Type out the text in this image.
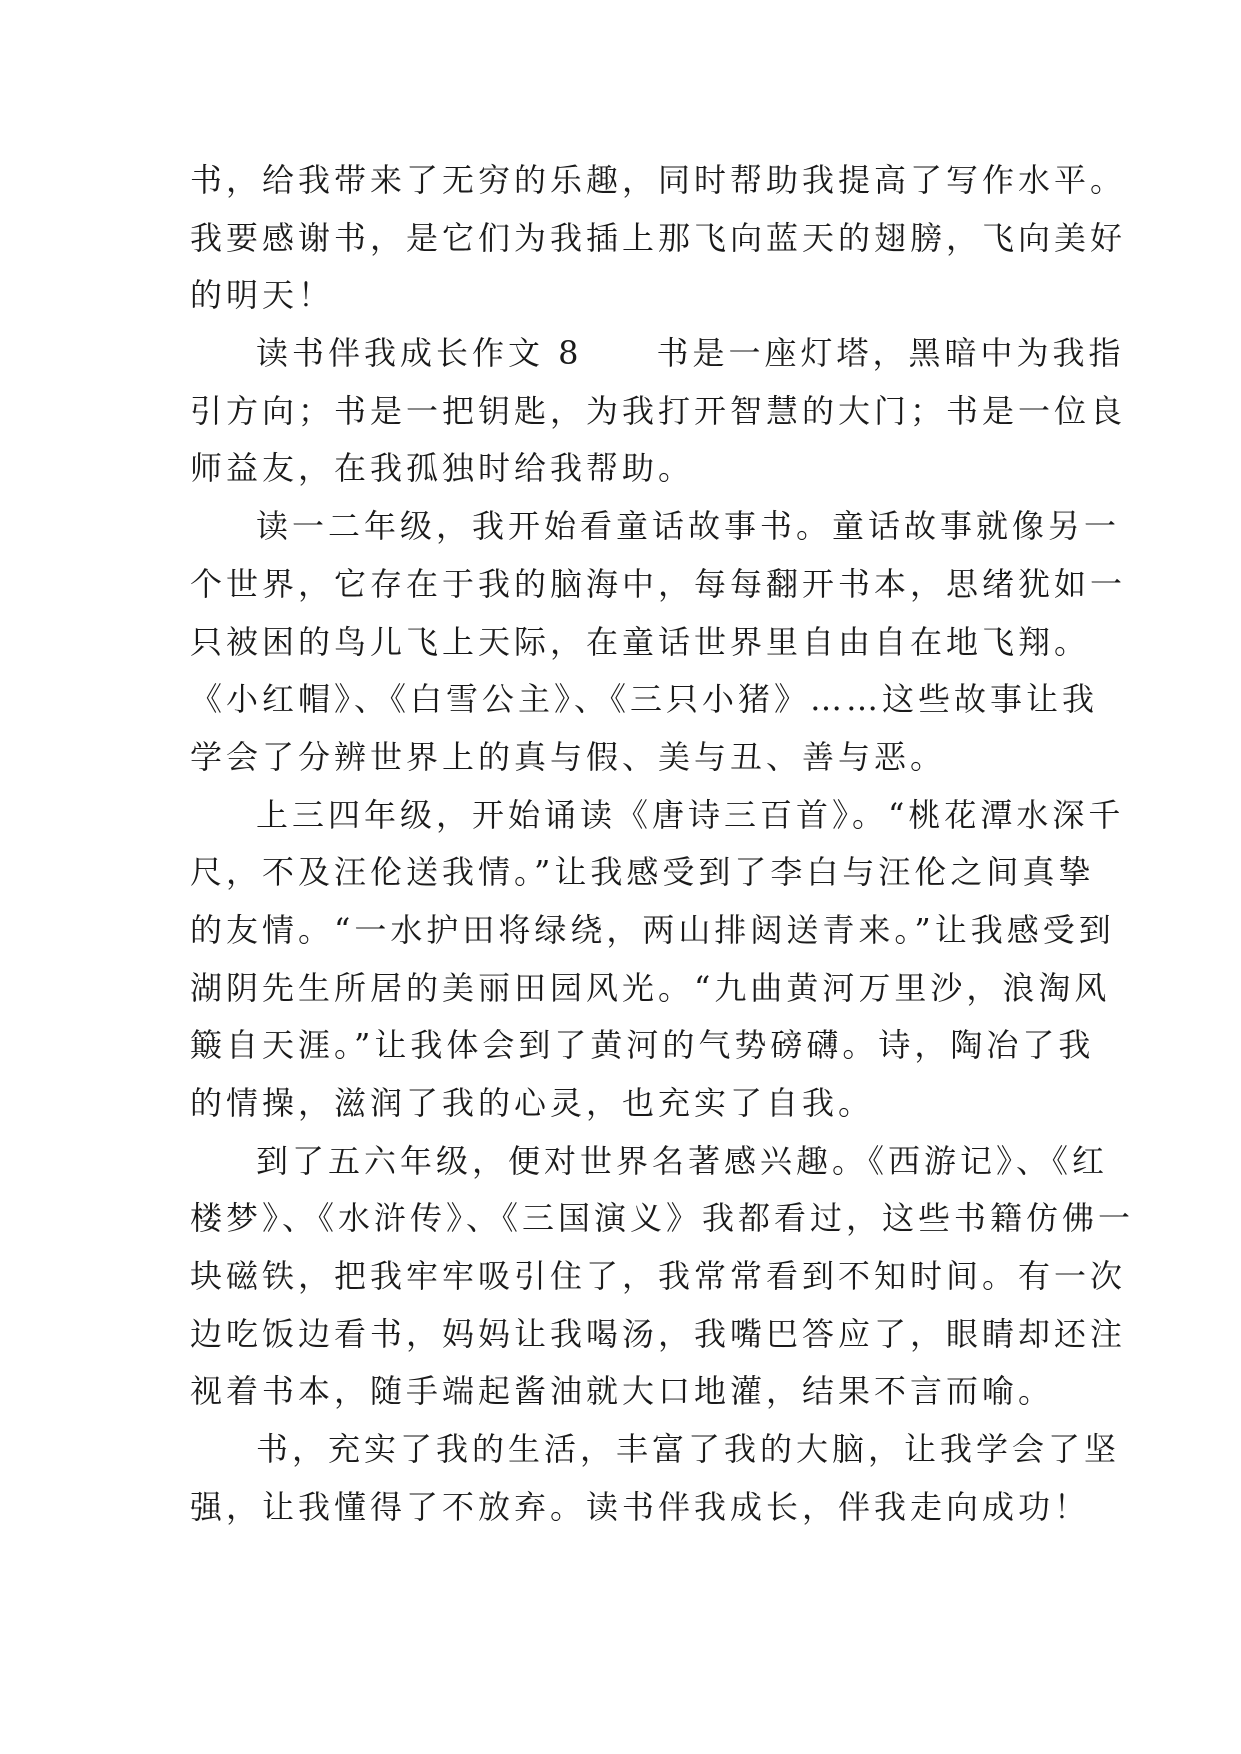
书，给我带来了无穷的乐趣，同时帮助我提高了写作水平。
我要感谢书，是它们为我插上那飞向蓝天的翅膀，飞向美好
的明天！
读书伴我成长作文 8 书是一座灯塔，黑暗中为我指
引方向；书是一把钥匙，为我打开智慧的大门；书是一位良
师益友，在我孤独时给我帮助。
读一二年级，我开始看童话故事书。童话故事就像另一
个世界，它存在于我的脑海中，每每翻开书本，思绪犹如一
只被困的鸟儿飞上天际，在童话世界里自由自在地飞翔。
《小红帽》、《白雪公主》、《三只小猪》……这些故事让我
学会了分辨世界上的真与假、美与丑、善与恶。
上三四年级，开始诵读《唐诗三百首》。“桃花潭水深千
尺，不及汪伦送我情。”让我感受到了李白与汪伦之间真挚
的友情。“一水护田将绿绕，两山排闼送青来。”让我感受到
湖阴先生所居的美丽田园风光。“九曲黄河万里沙，浪淘风
簸自天涯。”让我体会到了黄河的气势磅礴。诗，陶冶了我
的情操，滋润了我的心灵，也充实了自我。
到了五六年级，便对世界名著感兴趣。《西游记》、《红
楼梦》、《水浒传》、《三国演义》我都看过，这些书籍仿佛一
块磁铁，把我牢牢吸引住了，我常常看到不知时间。有一次
边吃饭边看书，妈妈让我喝汤，我嘴巴答应了，眼睛却还注
视着书本，随手端起酱油就大口地灌，结果不言而喻。
书，充实了我的生活，丰富了我的大脑，让我学会了坚
强，让我懂得了不放弃。读书伴我成长，伴我走向成功！
